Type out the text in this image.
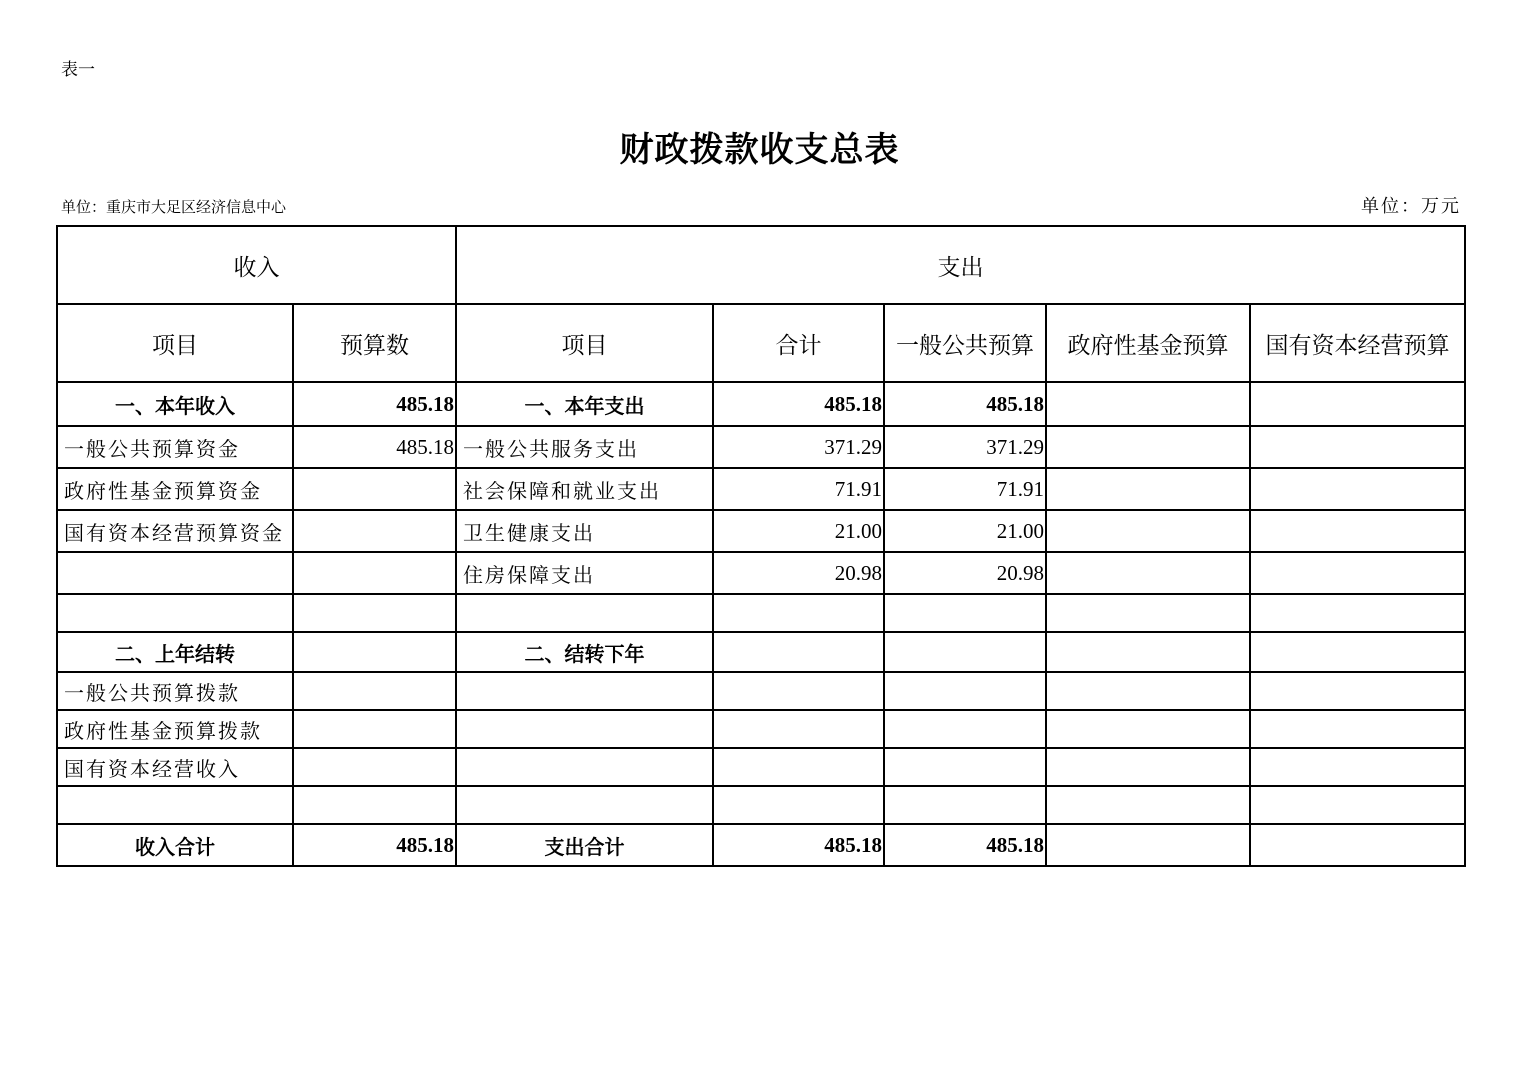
表一
财政拨款收支总表
单位：重庆市大足区经济信息中心	单位：万元
收入		支出				
项目	预算数	项目	合计	一般公共预算	政府性基金预算	国有资本经营预算
一、本年收入	485.18	一、本年支出	485.18	485.18		
一般公共预算资金	485.18	一般公共服务支出	371.29	371.29		
政府性基金预算资金		社会保障和就业支出	71.91	71.91		
国有资本经营预算资金		卫生健康支出	21.00	21.00		
		住房保障支出	20.98	20.98		

二、上年结转		二、结转下年				
一般公共预算拨款						
政府性基金预算拨款						
国有资本经营收入						

收入合计	485.18	支出合计	485.18	485.18		
